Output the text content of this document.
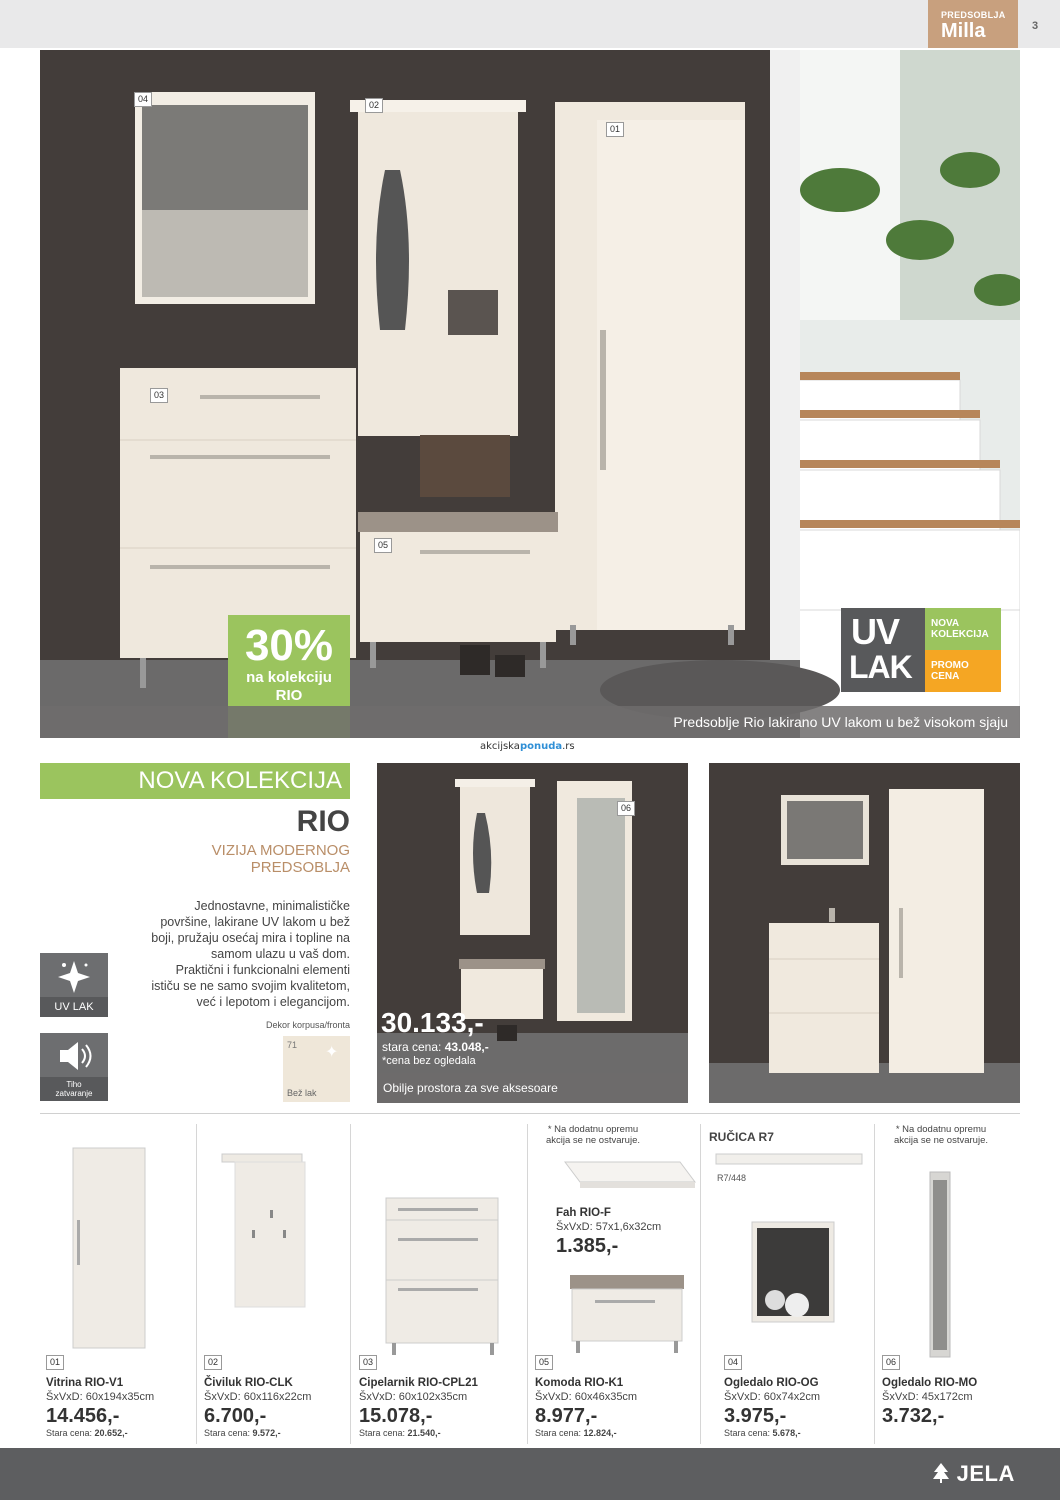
PREDSOBLJA
Milla	3
04
02
01
03
05
30%
na kolekciju
RIO
UV
LAK
NOVA
KOLEKCIJA
PROMO
CENA
Predsoblje Rio lakirano UV lakom u bež visokom sjaju
akcijskaponuda.rs
NOVA KOLEKCIJA
RIO
VIZIJA MODERNOG
PREDSOBLJA
Jednostavne, minimalističke
površine, lakirane UV lakom u bež
boji, pružaju osećaj mira i topline na
samom ulazu u vaš dom.
Praktični i funkcionalni elementi
ističu se ne samo svojim kvalitetom,
već i lepotom i elegancijom.
Dekor korpusa/fronta
71 ✦
Bež lak
UV LAK
Tiho
zatvaranje
06
30.133,-
stara cena: 43.048,-
*cena bez ogledala
Obilje prostora za sve aksesoare
* Na dodatnu opremu
akcija se ne ostvaruje.
* Na dodatnu opremu
akcija se ne ostvaruje.
RUČICA R7
R7/448
Fah RIO-F
ŠxVxD: 57x1,6x32cm
1.385,-
01
Vitrina RIO-V1
ŠxVxD: 60x194x35cm
14.456,-
Stara cena: 20.652,-
02
Čiviluk RIO-CLK
ŠxVxD: 60x116x22cm
6.700,-
Stara cena: 9.572,-
03
Cipelarnik RIO-CPL21
ŠxVxD: 60x102x35cm
15.078,-
Stara cena: 21.540,-
05
Komoda RIO-K1
ŠxVxD: 60x46x35cm
8.977,-
Stara cena: 12.824,-
04
Ogledalo RIO-OG
ŠxVxD: 60x74x2cm
3.975,-
Stara cena: 5.678,-
06
Ogledalo RIO-MO
ŠxVxD: 45x172cm
3.732,-
JELA
